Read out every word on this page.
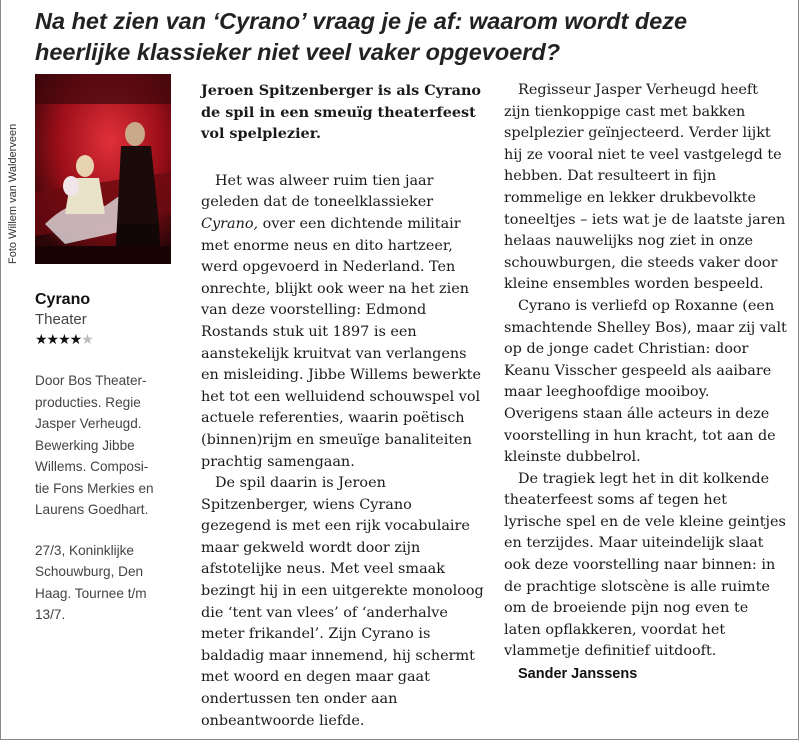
Na het zien van ‘Cyrano’ vraag je je af: waarom wordt deze
heerlijke klassieker niet veel vaker opgevoerd?
Foto Willem van Walderveen
Cyrano
Theater
★★★★★
Door Bos Theater-
producties. Regie
Jasper Verheugd.
Bewerking Jibbe
Willems. Composi-
tie Fons Merkies en
Laurens Goedhart.
27/3, Koninklijke
Schouwburg, Den
Haag. Tournee t/m
13/7.

Jeroen Spitzenberger is als Cyrano de spil in een smeuïg theaterfeest vol spelplezier.

Het was alweer ruim tien jaar geleden dat de toneelklassieker Cyrano, over een dichtende militair met enorme neus en dito hartzeer, werd opgevoerd in Nederland. Ten onrechte, blijkt ook weer na het zien van deze voorstelling: Edmond Rostands stuk uit 1897 is een aanstekelijk kruitvat van verlangens en misleiding. Jibbe Willems bewerkte het tot een welluidend schouwspel vol actuele referenties, waarin poëtisch (binnen)rijm en smeuïge banaliteiten prachtig samengaan.

De spil daarin is Jeroen Spitzenberger, wiens Cyrano gezegend is met een rijk vocabulaire maar gekweld wordt door zijn afstotelijke neus. Met veel smaak bezingt hij in een uitgerekte monoloog die ‘tent van vlees’ of ‘anderhalve meter frikandel’. Zijn Cyrano is baldadig maar innemend, hij schermt met woord en degen maar gaat ondertussen ten onder aan onbeantwoorde liefde.

Regisseur Jasper Verheugd heeft zijn tienkoppige cast met bakken spelplezier geïnjecteerd. Verder lijkt hij ze vooral niet te veel vastgelegd te hebben. Dat resulteert in fijn rommelige en lekker drukbevolkte toneeltjes – iets wat je de laatste jaren helaas nauwelijks nog ziet in onze schouwburgen, die steeds vaker door kleine ensembles worden bespeeld.

Cyrano is verliefd op Roxanne (een smachtende Shelley Bos), maar zij valt op de jonge cadet Christian: door Keanu Visscher gespeeld als aaibare maar leeghoofdige mooiboy. Overigens staan álle acteurs in deze voorstelling in hun kracht, tot aan de kleinste dubbelrol.

De tragiek legt het in dit kolkende theaterfeest soms af tegen het lyrische spel en de vele kleine geintjes en terzijdes. Maar uiteindelijk slaat ook deze voorstelling naar binnen: in de prachtige slotscène is alle ruimte om de broeiende pijn nog even te laten opflakkeren, voordat het vlammetje definitief uitdooft.

Sander Janssens
